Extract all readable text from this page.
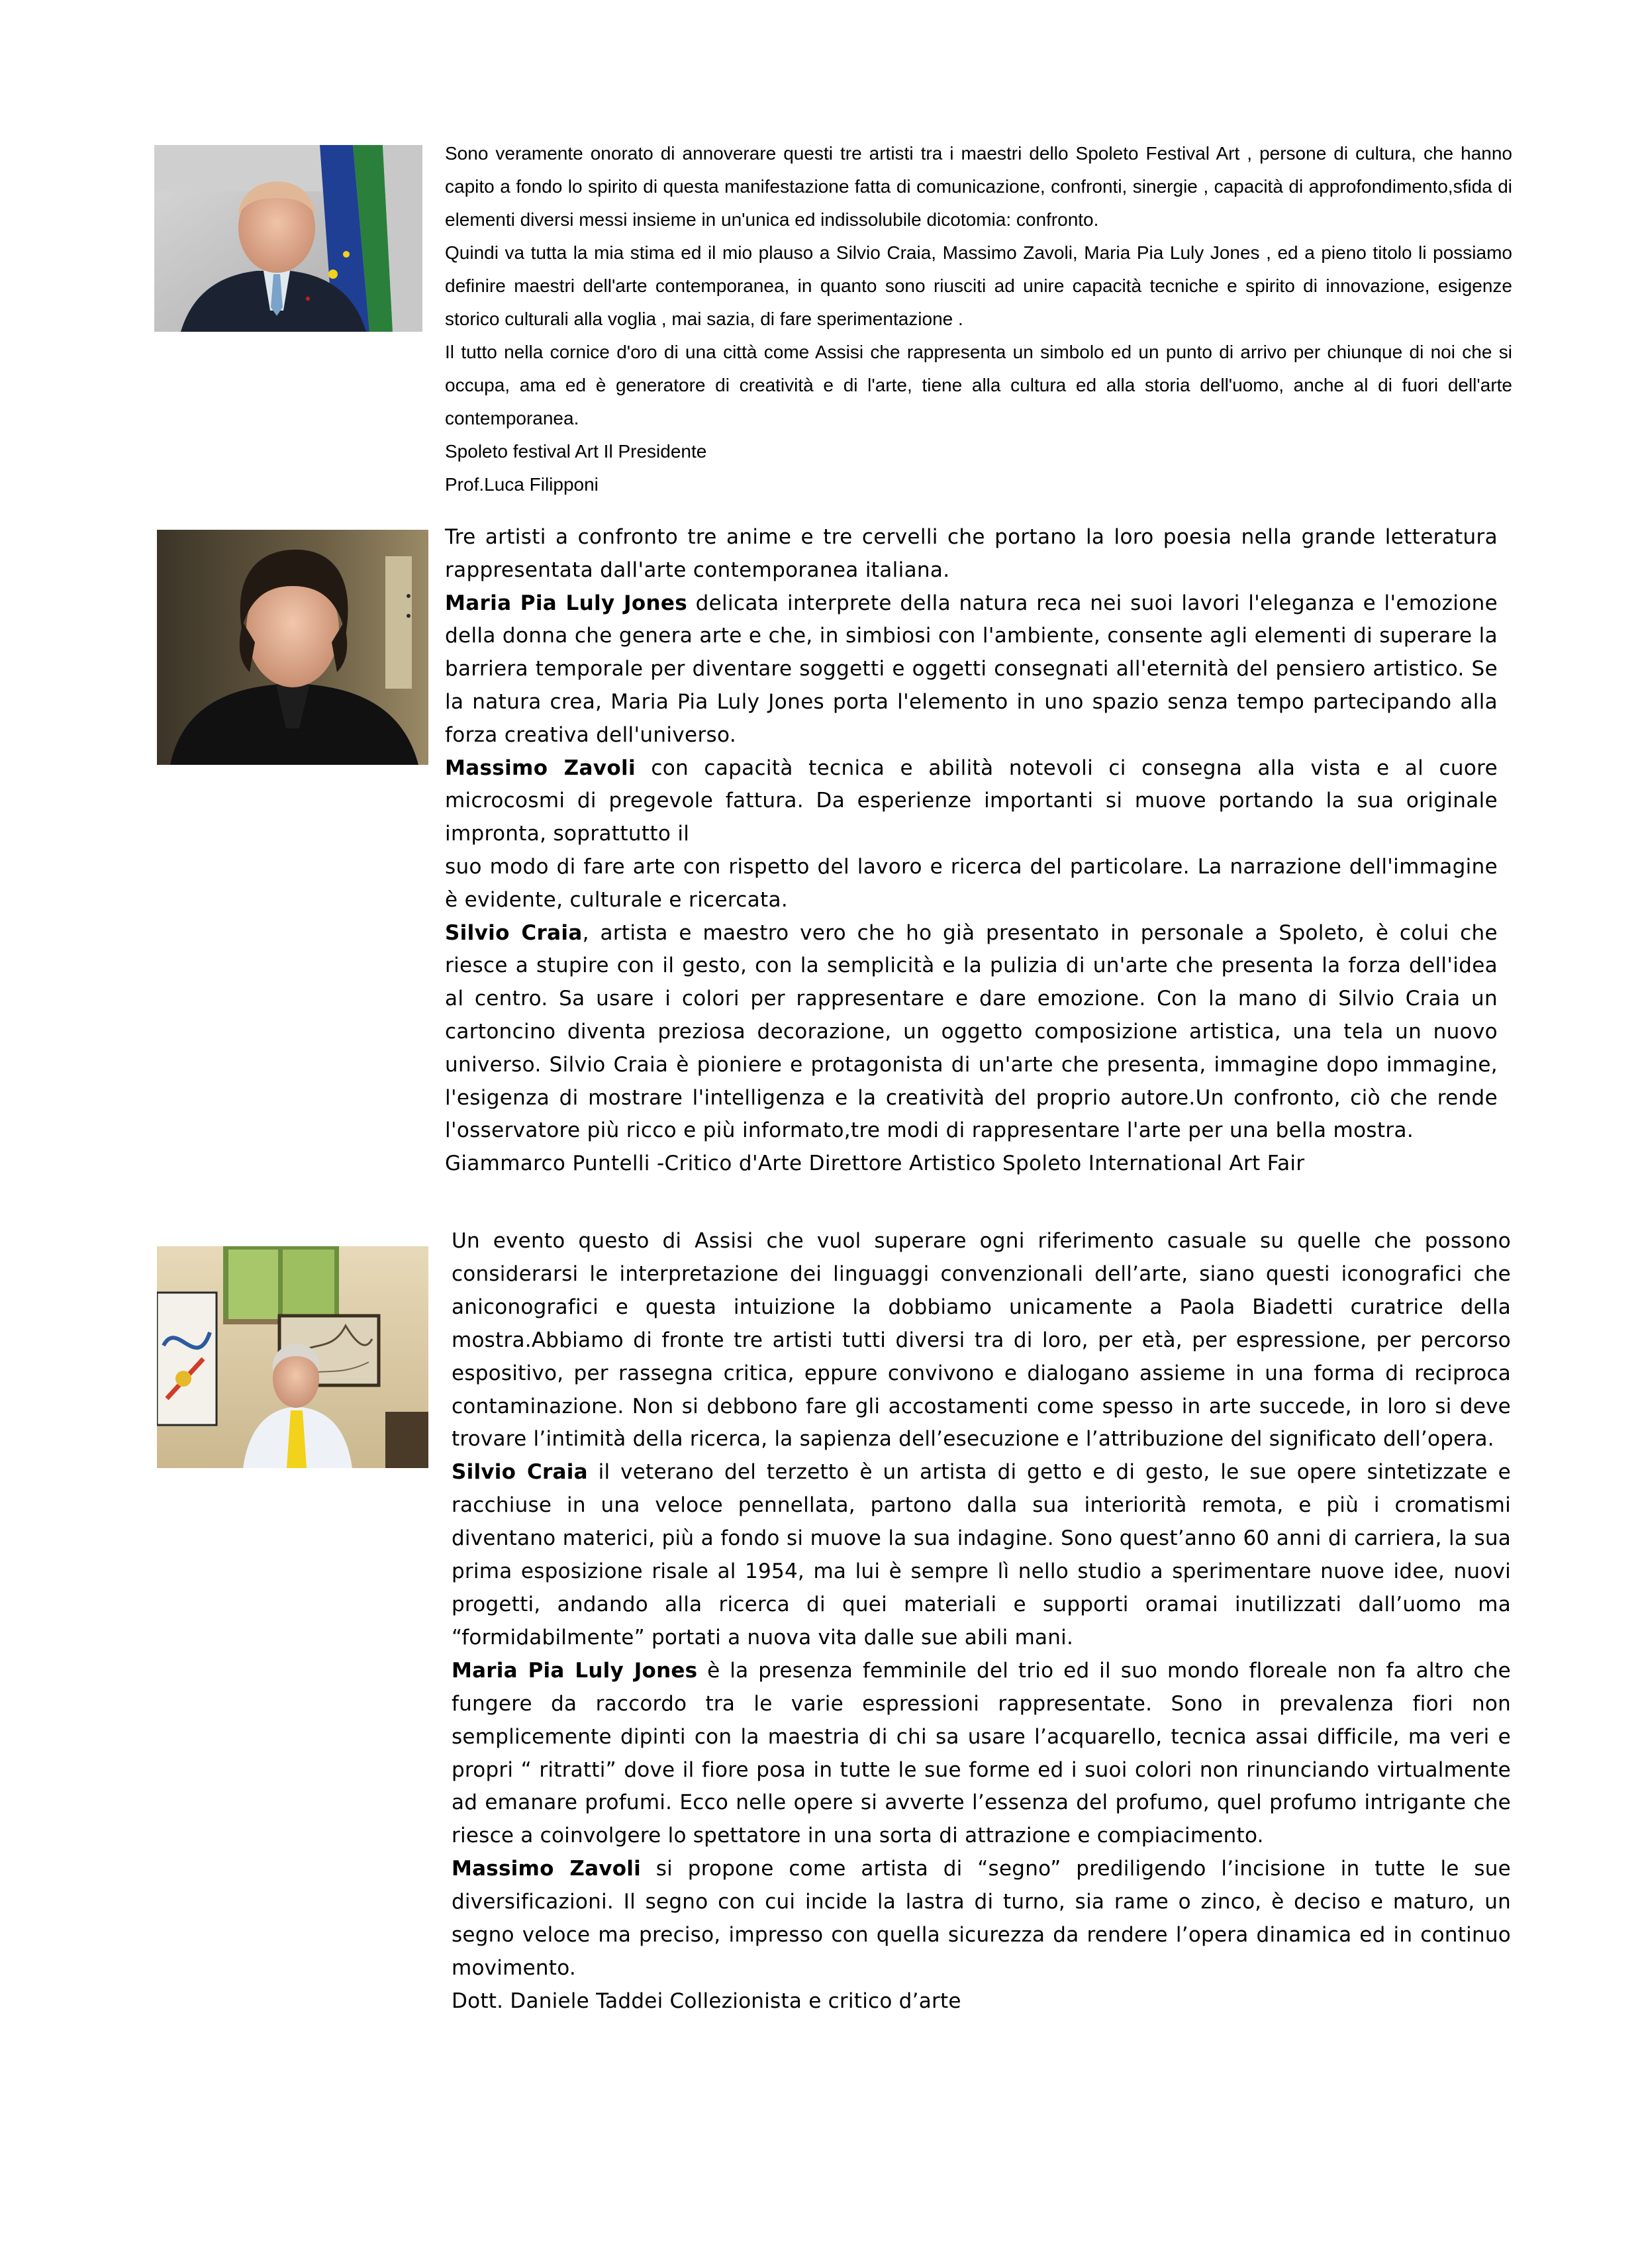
Sono veramente onorato di annoverare questi tre artisti tra i maestri dello Spoleto Festival Art , persone di cultura, che hanno capito a fondo lo spirito di questa manifestazione fatta di comunicazione, confronti, sinergie , capacità di approfondimento,sfida di elementi diversi messi insieme in un'unica ed indissolubile dicotomia: confronto.

Quindi va tutta la mia stima ed il mio plauso a Silvio Craia, Massimo Zavoli, Maria Pia Luly Jones , ed a pieno titolo li possiamo definire maestri dell'arte contemporanea, in quanto sono riusciti ad unire capacità tecniche e spirito di innovazione, esigenze storico culturali alla voglia , mai sazia, di fare sperimentazione .

Il tutto nella cornice d'oro di una città come Assisi che rappresenta un simbolo ed un punto di arrivo per chiunque di noi che si occupa, ama ed è generatore di creatività e di l'arte, tiene alla cultura ed alla storia dell'uomo, anche al di fuori dell'arte contemporanea.

Spoleto festival Art Il Presidente

Prof.Luca Filipponi

Tre artisti a confronto tre anime e tre cervelli che portano la loro poesia nella grande letteratura rappresentata dall'arte contemporanea italiana.

Maria Pia Luly Jones delicata interprete della natura reca nei suoi lavori l'eleganza e l'emozione della donna che genera arte e che, in simbiosi con l'ambiente, consente agli elementi di superare la barriera temporale per diventare soggetti e oggetti consegnati all'eternità del pensiero artistico. Se la natura crea, Maria Pia Luly Jones porta l'elemento in uno spazio senza tempo partecipando alla forza creativa dell'universo.

Massimo Zavoli con capacità tecnica e abilità notevoli ci consegna alla vista e al cuore microcosmi di pregevole fattura. Da esperienze importanti si muove portando la sua originale impronta, soprattutto il

suo modo di fare arte con rispetto del lavoro e ricerca del particolare. La narrazione dell'immagine è evidente, culturale e ricercata.

Silvio Craia, artista e maestro vero che ho già presentato in personale a Spoleto, è colui che riesce a stupire con il gesto, con la semplicità e la pulizia di un'arte che presenta la forza dell'idea al centro. Sa usare i colori per rappresentare e dare emozione. Con la mano di Silvio Craia un cartoncino diventa preziosa decorazione, un oggetto composizione artistica, una tela un nuovo universo. Silvio Craia è pioniere e protagonista di un'arte che presenta, immagine dopo immagine, l'esigenza di mostrare l'intelligenza e la creatività del proprio autore.Un confronto, ciò che rende l'osservatore più ricco e più informato,tre modi di rappresentare l'arte per una bella mostra.

Giammarco Puntelli -Critico d'Arte Direttore Artistico Spoleto International Art Fair

Un evento questo di Assisi che vuol superare ogni riferimento casuale su quelle che possono considerarsi le interpretazione dei linguaggi convenzionali dell’arte, siano questi iconografici che aniconografici e questa intuizione la dobbiamo unicamente a Paola Biadetti curatrice della mostra.Abbiamo di fronte tre artisti tutti diversi tra di loro, per età, per espressione, per percorso espositivo, per rassegna critica, eppure convivono e dialogano assieme in una forma di reciproca contaminazione. Non si debbono fare gli accostamenti come spesso in arte succede, in loro si deve trovare l’intimità della ricerca, la sapienza dell’esecuzione e l’attribuzione del significato dell’opera.

Silvio Craia il veterano del terzetto è un artista di getto e di gesto, le sue opere sintetizzate e racchiuse in una veloce pennellata, partono dalla sua interiorità remota, e più i cromatismi diventano materici, più a fondo si muove la sua indagine. Sono quest’anno 60 anni di carriera, la sua prima esposizione risale al 1954, ma lui è sempre lì nello studio a sperimentare nuove idee, nuovi progetti, andando alla ricerca di quei materiali e supporti oramai inutilizzati dall’uomo ma “formidabilmente” portati a nuova vita dalle sue abili mani.

Maria Pia Luly Jones è la presenza femminile del trio ed il suo mondo floreale non fa altro che fungere da raccordo tra le varie espressioni rappresentate. Sono in prevalenza fiori non semplicemente dipinti con la maestria di chi sa usare l’acquarello, tecnica assai difficile, ma veri e propri “ ritratti” dove il fiore posa in tutte le sue forme ed i suoi colori non rinunciando virtualmente ad emanare profumi. Ecco nelle opere si avverte l’essenza del profumo, quel profumo intrigante che riesce a coinvolgere lo spettatore in una sorta di attrazione e compiacimento.

Massimo Zavoli si propone come artista di “segno” prediligendo l’incisione in tutte le sue diversificazioni. Il segno con cui incide la lastra di turno, sia rame o zinco, è deciso e maturo, un segno veloce ma preciso, impresso con quella sicurezza da rendere l’opera dinamica ed in continuo movimento.

Dott. Daniele Taddei Collezionista e critico d’arte
